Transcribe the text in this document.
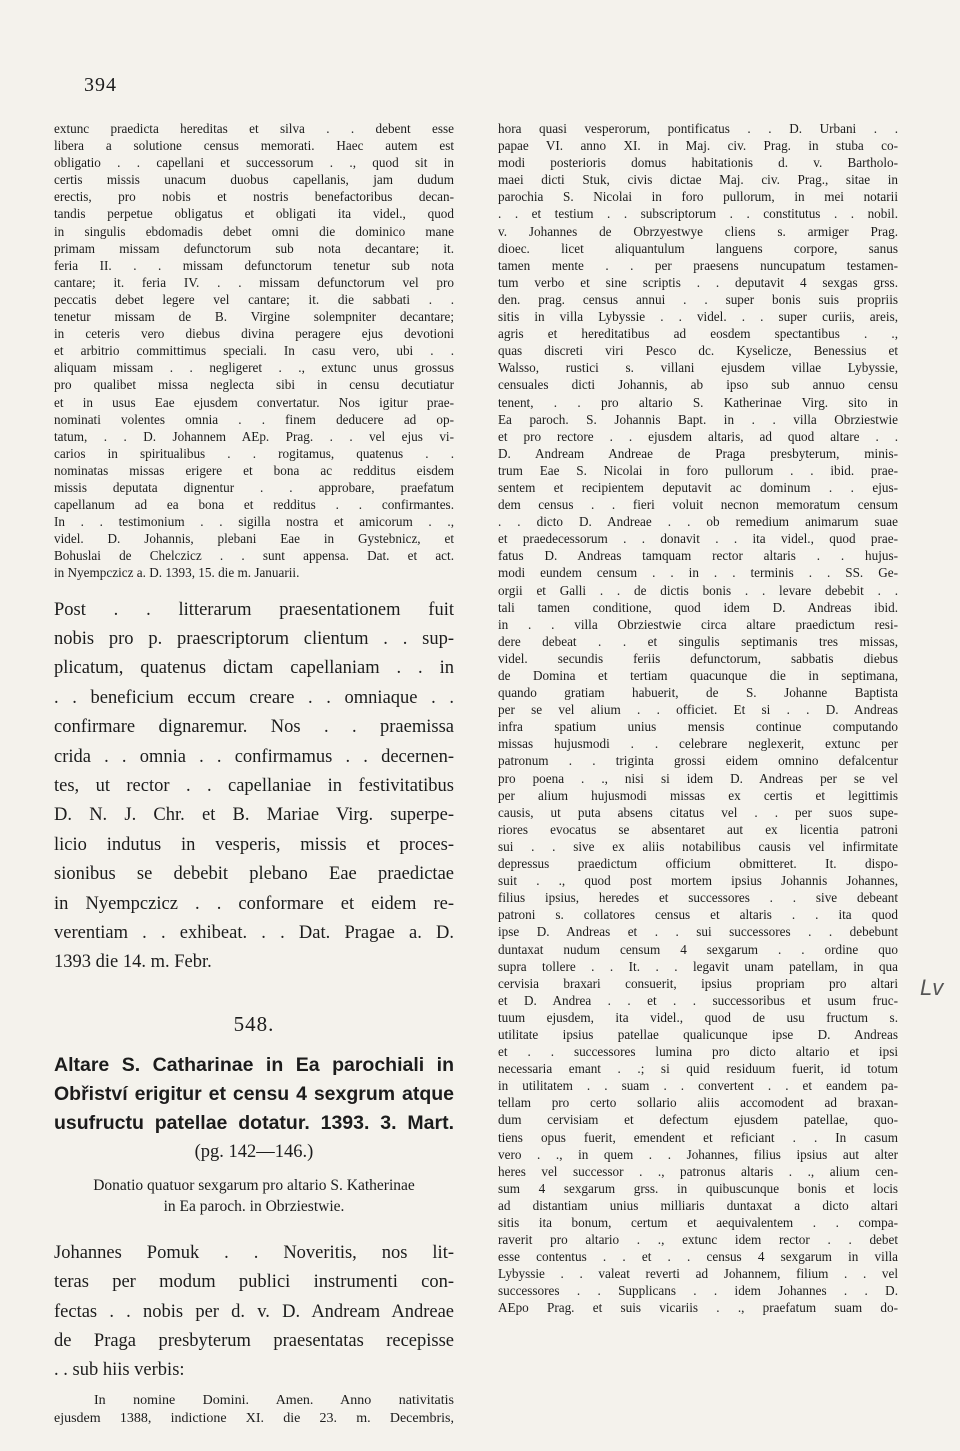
394
extunc praedicta hereditas et silva . . debent esse
libera a solutione census memorati. Haec autem est
obligatio . . capellani et successorum . ., quod sit in
certis missis unacum duobus capellanis, jam dudum
erectis, pro nobis et nostris benefactoribus decan-
tandis perpetue obligatus et obligati ita videl., quod
in singulis ebdomadis debet omni die dominico mane
primam missam defunctorum sub nota decantare; it.
feria II. . . missam defunctorum tenetur sub nota
cantare; it. feria IV. . . missam defunctorum vel pro
peccatis debet legere vel cantare; it. die sabbati . .
tenetur missam de B. Virgine solempniter decantare;
in ceteris vero diebus divina peragere ejus devotioni
et arbitrio committimus speciali. In casu vero, ubi . .
aliquam missam . . negligeret . ., extunc unus grossus
pro qualibet missa neglecta sibi in censu decutiatur
et in usus Eae ejusdem convertatur. Nos igitur prae-
nominati volentes omnia . . finem deducere ad op-
tatum, . . D. Johannem AEp. Prag. . . vel ejus vi-
carios in spiritualibus . . rogitamus, quatenus . .
nominatas missas erigere et bona ac redditus eisdem
missis deputata dignentur . . approbare, praefatum
capellanum ad ea bona et redditus . . confirmantes.
In . . testimonium . . sigilla nostra et amicorum . .,
videl. D. Johannis, plebani Eae in Gystebnicz, et
Bohuslai de Chelczicz . . sunt appensa. Dat. et act.
in Nyempczicz a. D. 1393, 15. die m. Januarii.
Post . . litterarum praesentationem fuit
nobis pro p. praescriptorum clientum . . sup-
plicatum, quatenus dictam capellaniam . . in
. . beneficium eccum creare . . omniaque . .
confirmare dignaremur. Nos . . praemissa
crida . . omnia . . confirmamus . . decernen-
tes, ut rector . . capellaniae in festivitatibus
D. N. J. Chr. et B. Mariae Virg. superpe-
licio indutus in vesperis, missis et proces-
sionibus se debebit plebano Eae praedictae
in Nyempczicz . . conformare et eidem re-
verentiam . . exhibeat. . . Dat. Pragae a. D.
1393 die 14. m. Febr.
548.
Altare S. Catharinae in Ea parochiali in
Obřiství erigitur et censu 4 sexgrum atque
usufructu patellae dotatur. 1393. 3. Mart.
(pg. 142—146.)
Donatio quatuor sexgarum pro altario S. Katherinae
in Ea paroch. in Obrziestwie.
Johannes Pomuk . . Noveritis, nos lit-
teras per modum publici instrumenti con-
fectas . . nobis per d. v. D. Andream Andreae
de Praga presbyterum praesentatas recepisse
. . sub hiis verbis:
In nomine Domini. Amen. Anno nativitatis
ejusdem 1388, indictione XI. die 23. m. Decembris,
hora quasi vesperorum, pontificatus . . D. Urbani . .
papae VI. anno XI. in Maj. civ. Prag. in stuba co-
modi posterioris domus habitationis d. v. Bartholo-
maei dicti Stuk, civis dictae Maj. civ. Prag., sitae in
parochia S. Nicolai in foro pullorum, in mei notarii
. . et testium . . subscriptorum . . constitutus . . nobil.
v. Johannes de Obrzyestwye cliens s. armiger Prag.
dioec. licet aliquantulum languens corpore, sanus
tamen mente . . per praesens nuncupatum testamen-
tum verbo et sine scriptis . . deputavit 4 sexgas grss.
den. prag. census annui . . super bonis suis propriis
sitis in villa Lybyssie . . videl. . . super curiis, areis,
agris et hereditatibus ad eosdem spectantibus . .,
quas discreti viri Pesco dc. Kyselicze, Benessius et
Walsso, rustici s. villani ejusdem villae Lybyssie,
censuales dicti Johannis, ab ipso sub annuo censu
tenent, . . pro altario S. Katherinae Virg. sito in
Ea paroch. S. Johannis Bapt. in . . villa Obrziestwie
et pro rectore . . ejusdem altaris, ad quod altare . .
D. Andream Andreae de Praga presbyterum, minis-
trum Eae S. Nicolai in foro pullorum . . ibid. prae-
sentem et recipientem deputavit ac dominum . . ejus-
dem census . . fieri voluit necnon memoratum censum
. . dicto D. Andreae . . ob remedium animarum suae
et praedecessorum . . donavit . . ita videl., quod prae-
fatus D. Andreas tamquam rector altaris . . hujus-
modi eundem censum . . in . . terminis . . SS. Ge-
orgii et Galli . . de dictis bonis . . levare debebit . .
tali tamen conditione, quod idem D. Andreas ibid.
in . . villa Obrziestwie circa altare praedictum resi-
dere debeat . . et singulis septimanis tres missas,
videl. secundis feriis defunctorum, sabbatis diebus
de Domina et tertiam quacunque die in septimana,
quando gratiam habuerit, de S. Johanne Baptista
per se vel alium . . officiet. Et si . . D. Andreas
infra spatium unius mensis continue computando
missas hujusmodi . . celebrare neglexerit, extunc per
patronum . . triginta grossi eidem omnino defalcentur
pro poena . ., nisi si idem D. Andreas per se vel
per alium hujusmodi missas ex certis et legittimis
causis, ut puta absens citatus vel . . per suos supe-
riores evocatus se absentaret aut ex licentia patroni
sui . . sive ex aliis notabilibus causis vel infirmitate
depressus praedictum officium obmitteret. It. dispo-
suit . ., quod post mortem ipsius Johannis Johannes,
filius ipsius, heredes et successores . . sive debeant
patroni s. collatores census et altaris . . ita quod
ipse D. Andreas et . . sui successores . . debebunt
duntaxat nudum censum 4 sexgarum . . ordine quo
supra tollere . . It. . . legavit unam patellam, in qua
cervisia braxari consuerit, ipsius propriam pro altari
et D. Andrea . . et . . successoribus et usum fruc-
tuum ejusdem, ita videl., quod de usu fructum s.
utilitate ipsius patellae qualicunque ipse D. Andreas
et . . successores lumina pro dicto altario et ipsi
necessaria emant . .; si quid residuum fuerit, id totum
in utilitatem . . suam . . convertent . . et eandem pa-
tellam pro certo sollario aliis accomodent ad braxan-
dum cervisiam et defectum ejusdem patellae, quo-
tiens opus fuerit, emendent et reficiant . . In casum
vero . ., in quem . . Johannes, filius ipsius aut alter
heres vel successor . ., patronus altaris . ., alium cen-
sum 4 sexgarum grss. in quibuscunque bonis et locis
ad distantiam unius milliaris duntaxat a dicto altari
sitis ita bonum, certum et aequivalentem . . compa-
raverit pro altario . ., extunc idem rector . . debet
esse contentus . . et . . census 4 sexgarum in villa
Lybyssie . . valeat reverti ad Johannem, filium . . vel
successores . . Supplicans . . idem Johannes . . D.
AEpo Prag. et suis vicariis . ., praefatum suam do-
Lv
